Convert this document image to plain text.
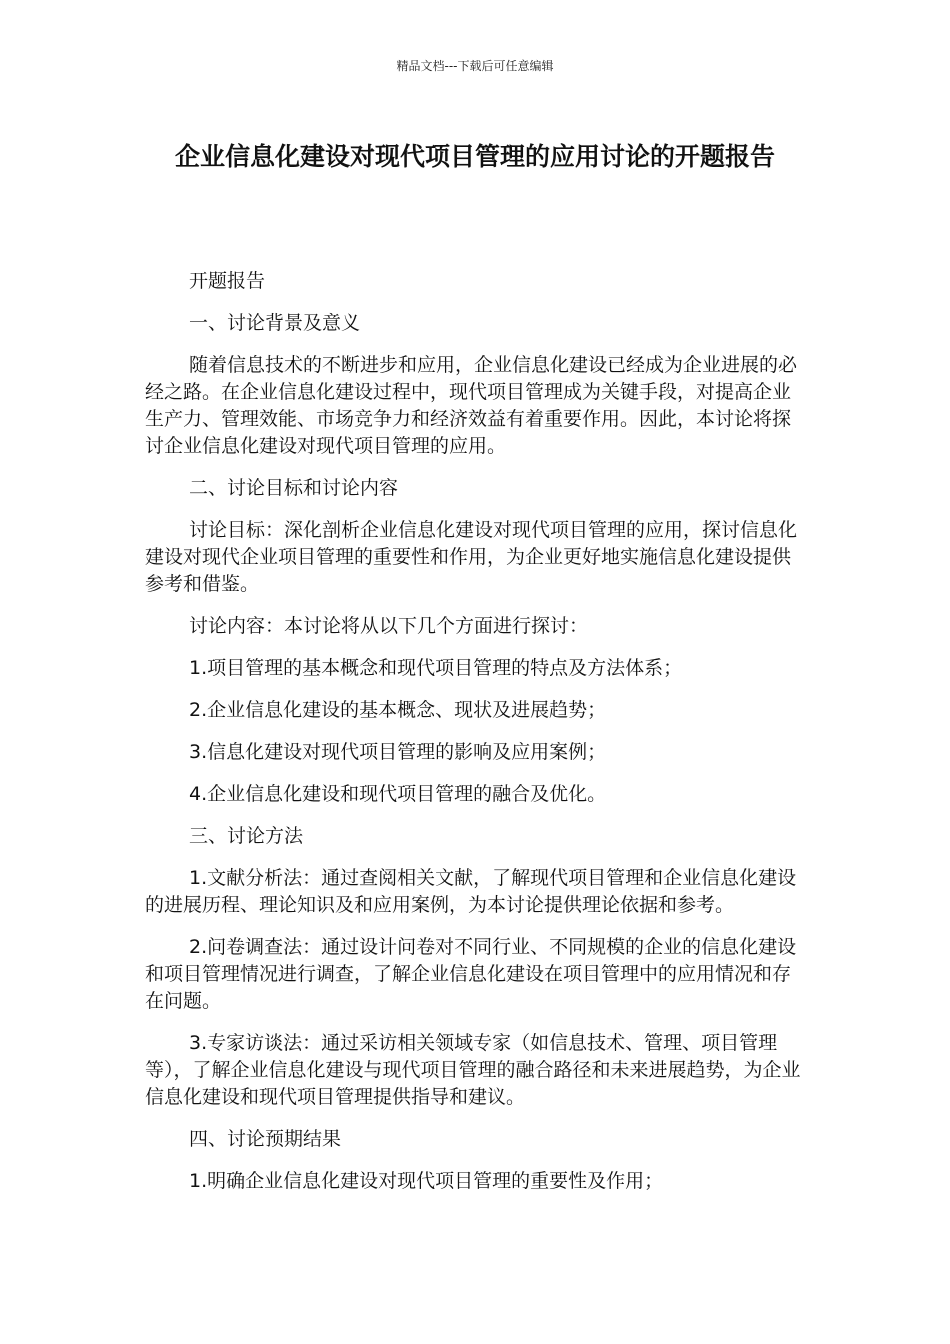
精品文档---下载后可任意编辑
企业信息化建设对现代项目管理的应用讨论的开题报告

开题报告

一、讨论背景及意义

随着信息技术的不断进步和应用，企业信息化建设已经成为企业进展的必经之路。在企业信息化建设过程中，现代项目管理成为关键手段，对提高企业生产力、管理效能、市场竞争力和经济效益有着重要作用。因此，本讨论将探讨企业信息化建设对现代项目管理的应用。

二、讨论目标和讨论内容

讨论目标：深化剖析企业信息化建设对现代项目管理的应用，探讨信息化建设对现代企业项目管理的重要性和作用，为企业更好地实施信息化建设提供参考和借鉴。

讨论内容：本讨论将从以下几个方面进行探讨：

1.项目管理的基本概念和现代项目管理的特点及方法体系；

2.企业信息化建设的基本概念、现状及进展趋势；

3.信息化建设对现代项目管理的影响及应用案例；

4.企业信息化建设和现代项目管理的融合及优化。

三、讨论方法

1.文献分析法：通过查阅相关文献，了解现代项目管理和企业信息化建设的进展历程、理论知识及和应用案例，为本讨论提供理论依据和参考。

2.问卷调查法：通过设计问卷对不同行业、不同规模的企业的信息化建设和项目管理情况进行调查，了解企业信息化建设在项目管理中的应用情况和存在问题。

3.专家访谈法：通过采访相关领域专家（如信息技术、管理、项目管理等），了解企业信息化建设与现代项目管理的融合路径和未来进展趋势，为企业信息化建设和现代项目管理提供指导和建议。

四、讨论预期结果

1.明确企业信息化建设对现代项目管理的重要性及作用；
